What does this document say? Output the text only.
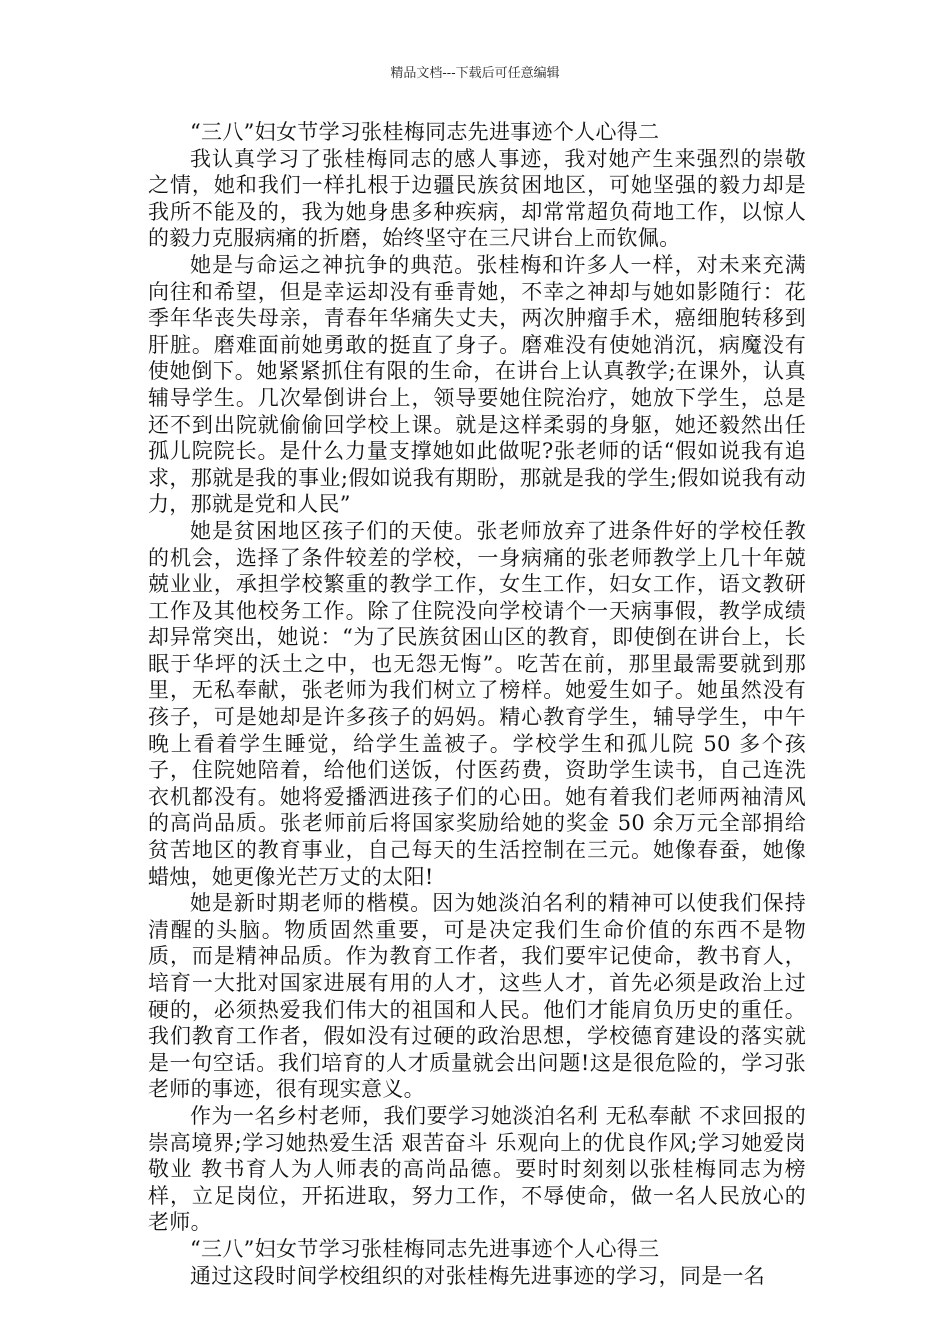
精品文档---下载后可任意编辑

“三八”妇女节学习张桂梅同志先进事迹个人心得二

我认真学习了张桂梅同志的感人事迹，我对她产生来强烈的崇敬之情，她和我们一样扎根于边疆民族贫困地区，可她坚强的毅力却是我所不能及的，我为她身患多种疾病，却常常超负荷地工作，以惊人的毅力克服病痛的折磨，始终坚守在三尺讲台上而钦佩。

她是与命运之神抗争的典范。张桂梅和许多人一样，对未来充满向往和希望，但是幸运却没有垂青她，不幸之神却与她如影随行：花季年华丧失母亲，青春年华痛失丈夫，两次肿瘤手术，癌细胞转移到肝脏。磨难面前她勇敢的挺直了身子。磨难没有使她消沉，病魔没有使她倒下。她紧紧抓住有限的生命，在讲台上认真教学;在课外，认真辅导学生。几次晕倒讲台上，领导要她住院治疗，她放下学生，总是还不到出院就偷偷回学校上课。就是这样柔弱的身躯，她还毅然出任孤儿院院长。是什么力量支撑她如此做呢?张老师的话“假如说我有追求，那就是我的事业;假如说我有期盼，那就是我的学生;假如说我有动力，那就是党和人民”

她是贫困地区孩子们的天使。张老师放弃了进条件好的学校任教的机会，选择了条件较差的学校，一身病痛的张老师教学上几十年兢兢业业，承担学校繁重的教学工作，女生工作，妇女工作，语文教研工作及其他校务工作。除了住院没向学校请个一天病事假，教学成绩却异常突出，她说：“为了民族贫困山区的教育，即使倒在讲台上，长眠于华坪的沃土之中，也无怨无悔”。吃苦在前，那里最需要就到那里，无私奉献，张老师为我们树立了榜样。她爱生如子。她虽然没有孩子，可是她却是许多孩子的妈妈。精心教育学生，辅导学生，中午晚上看着学生睡觉，给学生盖被子。学校学生和孤儿院 50 多个孩子，住院她陪着，给他们送饭，付医药费，资助学生读书，自己连洗衣机都没有。她将爱播洒进孩子们的心田。她有着我们老师两袖清风的高尚品质。张老师前后将国家奖励给她的奖金 50 余万元全部捐给贫苦地区的教育事业，自己每天的生活控制在三元。她像春蚕，她像蜡烛，她更像光芒万丈的太阳!

她是新时期老师的楷模。因为她淡泊名利的精神可以使我们保持清醒的头脑。物质固然重要，可是决定我们生命价值的东西不是物质，而是精神品质。作为教育工作者，我们要牢记使命，教书育人，培育一大批对国家进展有用的人才，这些人才，首先必须是政治上过硬的，必须热爱我们伟大的祖国和人民。他们才能肩负历史的重任。我们教育工作者，假如没有过硬的政治思想，学校德育建设的落实就是一句空话。我们培育的人才质量就会出问题!这是很危险的，学习张老师的事迹，很有现实意义。

作为一名乡村老师，我们要学习她淡泊名利 无私奉献 不求回报的崇高境界;学习她热爱生活 艰苦奋斗 乐观向上的优良作风;学习她爱岗敬业 教书育人为人师表的高尚品德。要时时刻刻以张桂梅同志为榜样，立足岗位，开拓进取，努力工作，不辱使命，做一名人民放心的老师。

“三八”妇女节学习张桂梅同志先进事迹个人心得三

通过这段时间学校组织的对张桂梅先进事迹的学习，同是一名
